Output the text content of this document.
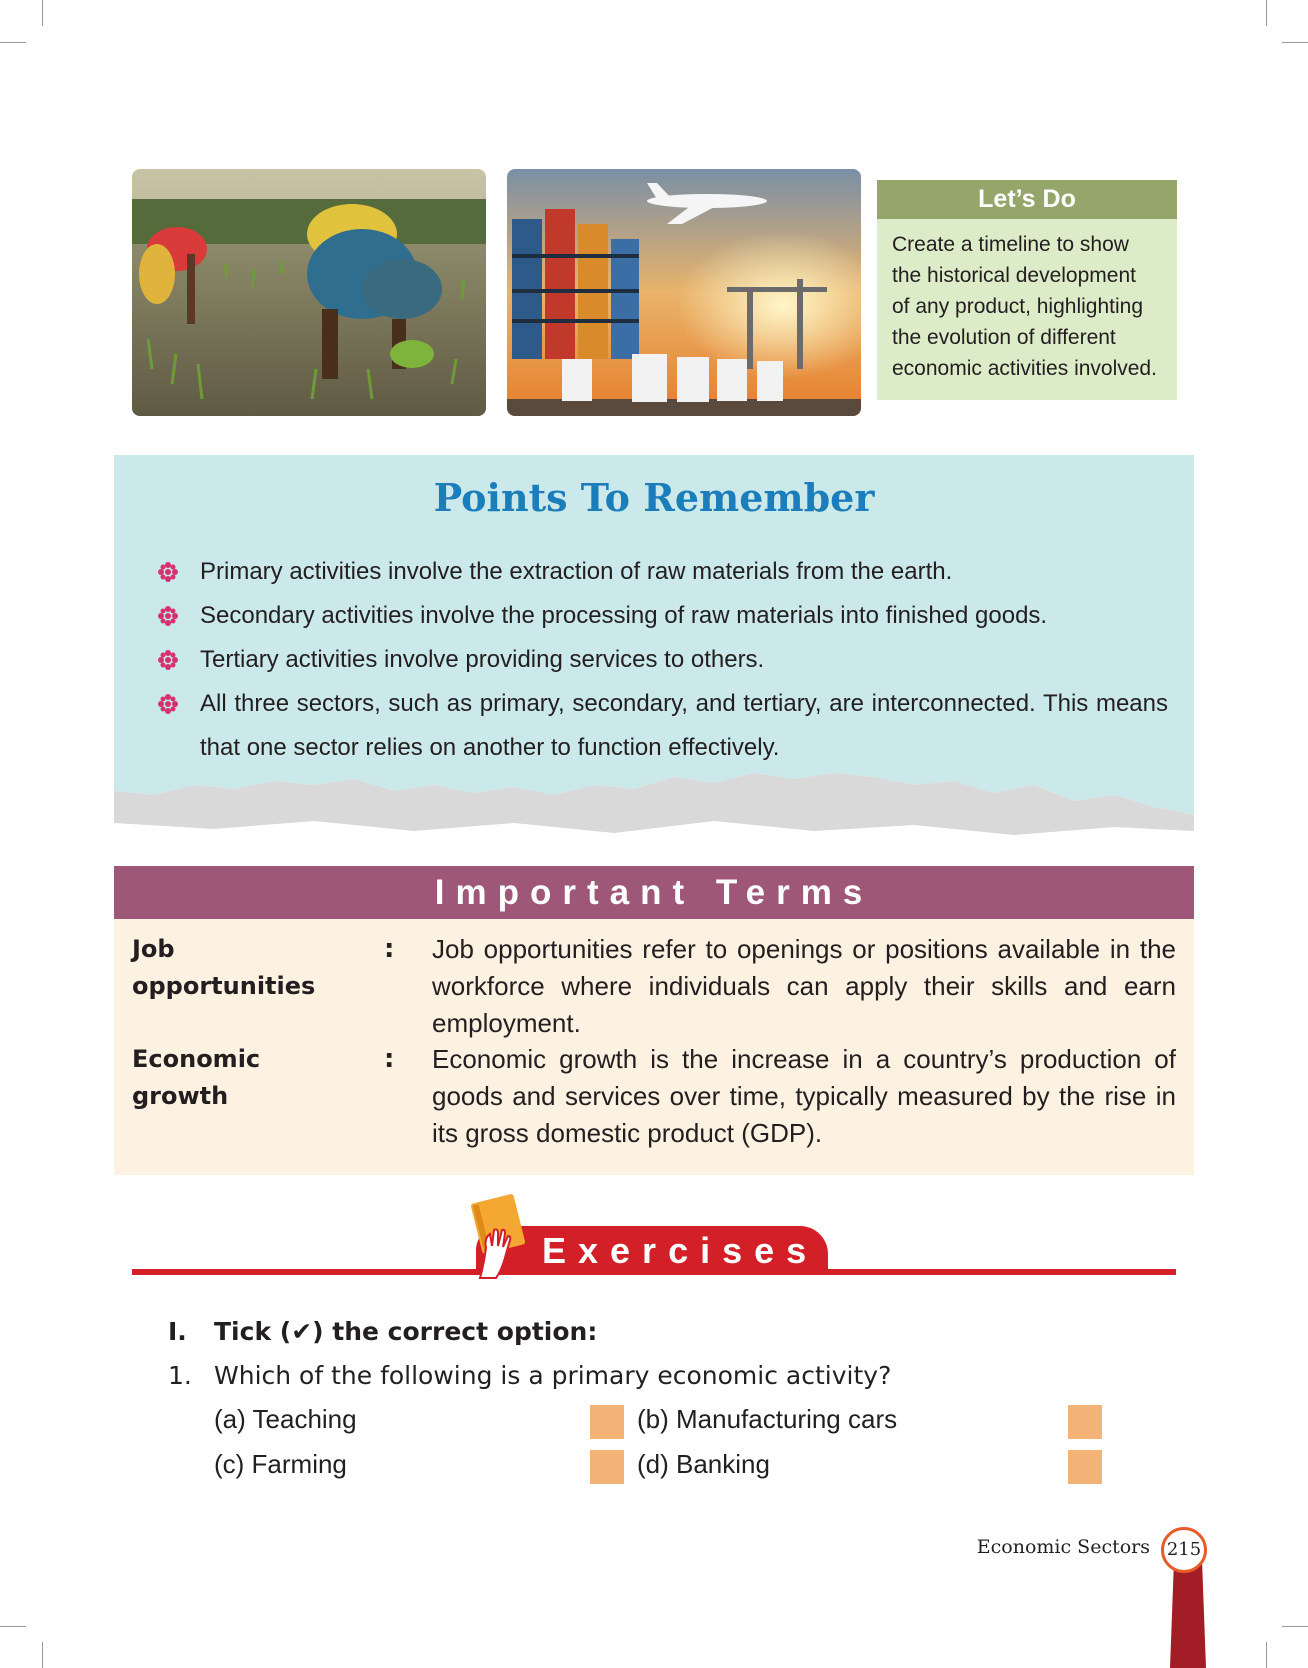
Let’s Do
Create a timeline to show
the historical development
of any product, highlighting
the evolution of different
economic activities involved.
Points To Remember
Primary activities involve the extraction of raw materials from the earth.
Secondary activities involve the processing of raw materials into finished goods.
Tertiary activities involve providing services to others.
All three sectors, such as primary, secondary, and tertiary, are interconnected. This means that one sector relies on another to function effectively.
Important Terms
Job opportunities
: Job opportunities refer to openings or positions available in the workforce where individuals can apply their skills and earn employment.
Economic growth
: Economic growth is the increase in a country’s production of goods and services over time, typically measured by the rise in its gross domestic product (GDP).
Exercises
I. Tick (✔) the correct option:
1. Which of the following is a primary economic activity?
(a) Teaching	(b) Manufacturing cars
(c) Farming	(d) Banking
Economic Sectors 215
